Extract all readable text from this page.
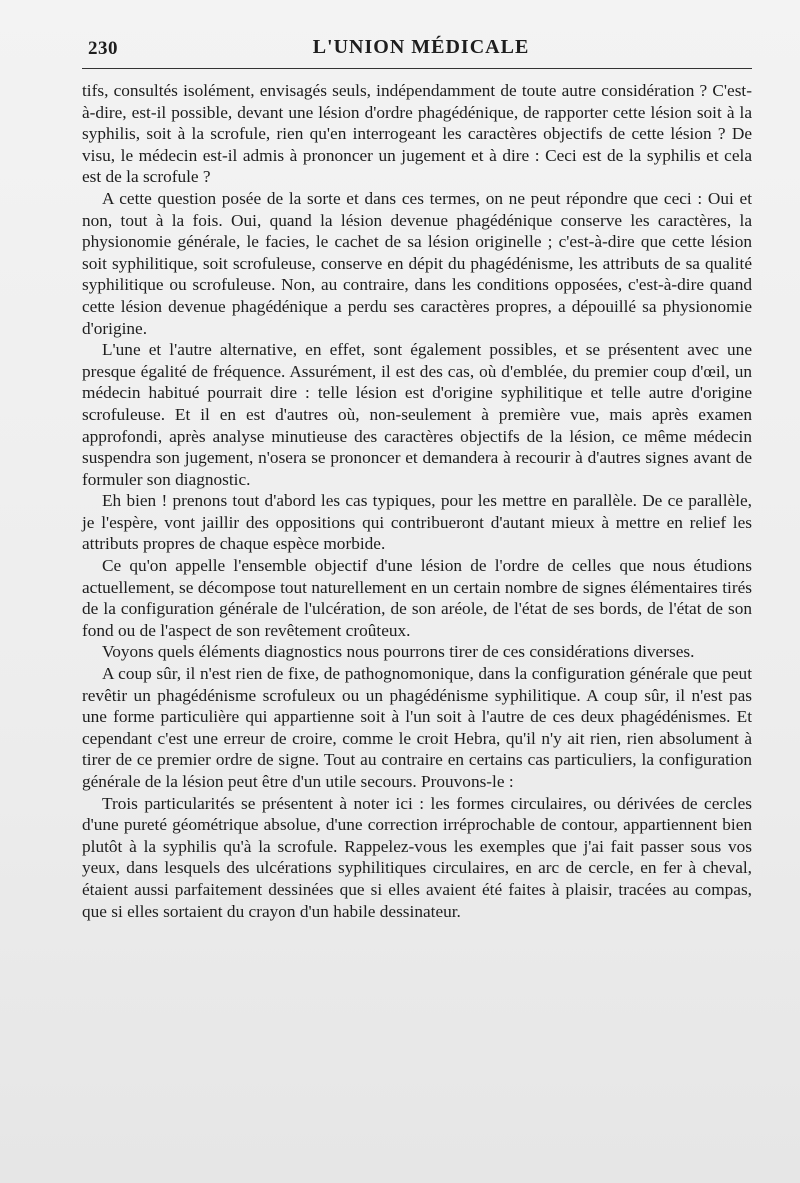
230	L'UNION MÉDICALE

tifs, consultés isolément, envisagés seuls, indépendamment de toute autre considération ? C'est-à-dire, est-il possible, devant une lésion d'ordre phagédénique, de rapporter cette lésion soit à la syphilis, soit à la scrofule, rien qu'en interrogeant les caractères objectifs de cette lésion ? De visu, le médecin est-il admis à prononcer un jugement et à dire : Ceci est de la syphilis et cela est de la scrofule ?

A cette question posée de la sorte et dans ces termes, on ne peut répondre que ceci : Oui et non, tout à la fois. Oui, quand la lésion devenue phagédénique conserve les caractères, la physionomie générale, le facies, le cachet de sa lésion originelle ; c'est-à-dire que cette lésion soit syphilitique, soit scrofuleuse, conserve en dépit du phagédénisme, les attributs de sa qualité syphilitique ou scrofuleuse. Non, au contraire, dans les conditions opposées, c'est-à-dire quand cette lésion devenue phagédénique a perdu ses caractères propres, a dépouillé sa physionomie d'origine.

L'une et l'autre alternative, en effet, sont également possibles, et se présentent avec une presque égalité de fréquence. Assurément, il est des cas, où d'emblée, du premier coup d'œil, un médecin habitué pourrait dire : telle lésion est d'origine syphilitique et telle autre d'origine scrofuleuse. Et il en est d'autres où, non-seulement à première vue, mais après examen approfondi, après analyse minutieuse des caractères objectifs de la lésion, ce même médecin suspendra son jugement, n'osera se prononcer et demandera à recourir à d'autres signes avant de formuler son diagnostic.

Eh bien ! prenons tout d'abord les cas typiques, pour les mettre en parallèle. De ce parallèle, je l'espère, vont jaillir des oppositions qui contribueront d'autant mieux à mettre en relief les attributs propres de chaque espèce morbide.

Ce qu'on appelle l'ensemble objectif d'une lésion de l'ordre de celles que nous étudions actuellement, se décompose tout naturellement en un certain nombre de signes élémentaires tirés de la configuration générale de l'ulcération, de son aréole, de l'état de ses bords, de l'état de son fond ou de l'aspect de son revêtement croûteux.

Voyons quels éléments diagnostics nous pourrons tirer de ces considérations diverses.

A coup sûr, il n'est rien de fixe, de pathognomonique, dans la configuration générale que peut revêtir un phagédénisme scrofuleux ou un phagédénisme syphilitique. A coup sûr, il n'est pas une forme particulière qui appartienne soit à l'un soit à l'autre de ces deux phagédénismes. Et cependant c'est une erreur de croire, comme le croit Hebra, qu'il n'y ait rien, rien absolument à tirer de ce premier ordre de signe. Tout au contraire en certains cas particuliers, la configuration générale de la lésion peut être d'un utile secours. Prouvons-le :

Trois particularités se présentent à noter ici : les formes circulaires, ou dérivées de cercles d'une pureté géométrique absolue, d'une correction irréprochable de contour, appartiennent bien plutôt à la syphilis qu'à la scrofule. Rappelez-vous les exemples que j'ai fait passer sous vos yeux, dans lesquels des ulcérations syphilitiques circulaires, en arc de cercle, en fer à cheval, étaient aussi parfaitement dessinées que si elles avaient été faites à plaisir, tracées au compas, que si elles sortaient du crayon d'un habile dessinateur.
